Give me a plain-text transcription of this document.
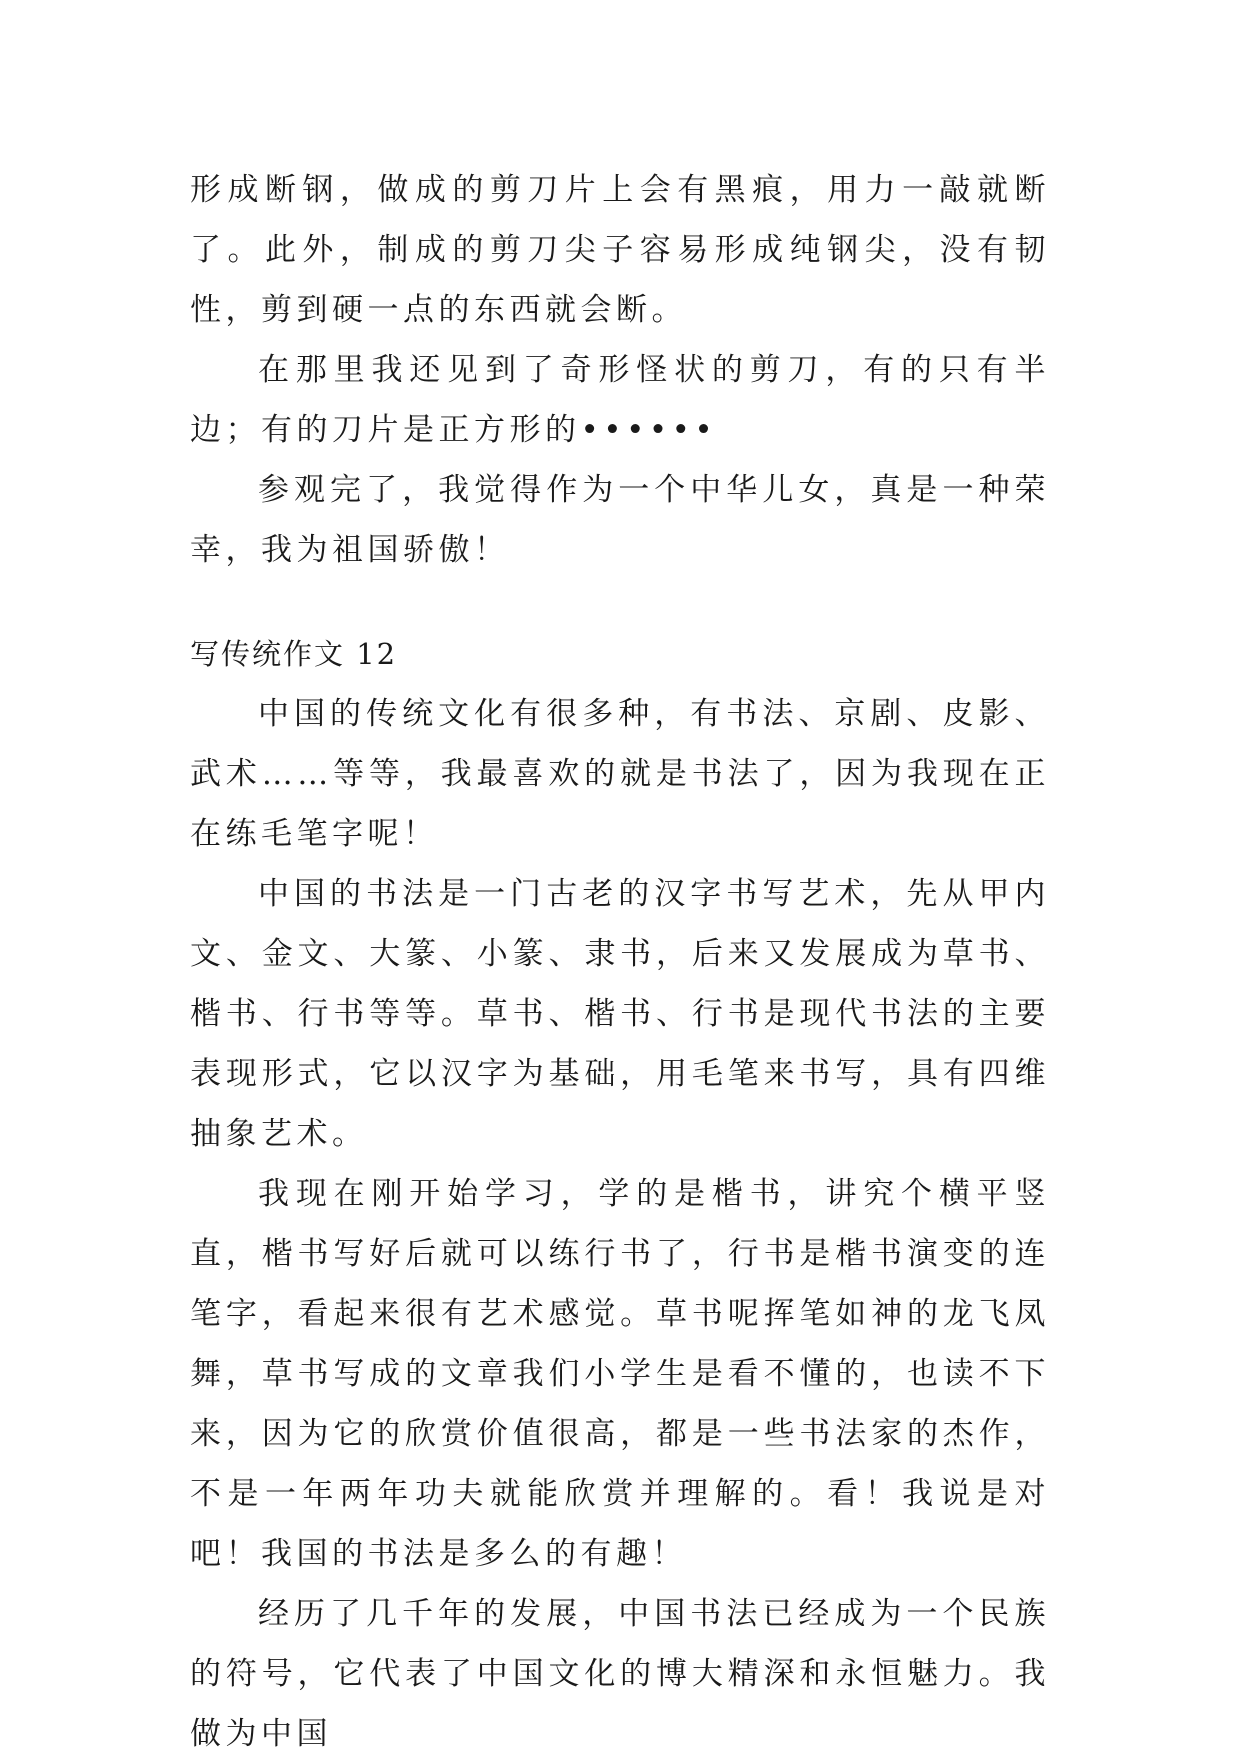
形成断钢，做成的剪刀片上会有黑痕，用力一敲就断了。此外，制成的剪刀尖子容易形成纯钢尖，没有韧性，剪到硬一点的东西就会断。

在那里我还见到了奇形怪状的剪刀，有的只有半边；有的刀片是正方形的••••••

参观完了，我觉得作为一个中华儿女，真是一种荣幸，我为祖国骄傲！

写传统作文 12

中国的传统文化有很多种，有书法、京剧、皮影、武术……等等，我最喜欢的就是书法了，因为我现在正在练毛笔字呢！

中国的书法是一门古老的汉字书写艺术，先从甲内文、金文、大篆、小篆、隶书，后来又发展成为草书、楷书、行书等等。草书、楷书、行书是现代书法的主要表现形式，它以汉字为基础，用毛笔来书写，具有四维抽象艺术。

我现在刚开始学习，学的是楷书，讲究个横平竖直，楷书写好后就可以练行书了，行书是楷书演变的连笔字，看起来很有艺术感觉。草书呢挥笔如神的龙飞凤舞，草书写成的文章我们小学生是看不懂的，也读不下来，因为它的欣赏价值很高，都是一些书法家的杰作，不是一年两年功夫就能欣赏并理解的。看！我说是对吧！我国的书法是多么的有趣！

经历了几千年的发展，中国书法已经成为一个民族的符号，它代表了中国文化的博大精深和永恒魅力。我做为中国
